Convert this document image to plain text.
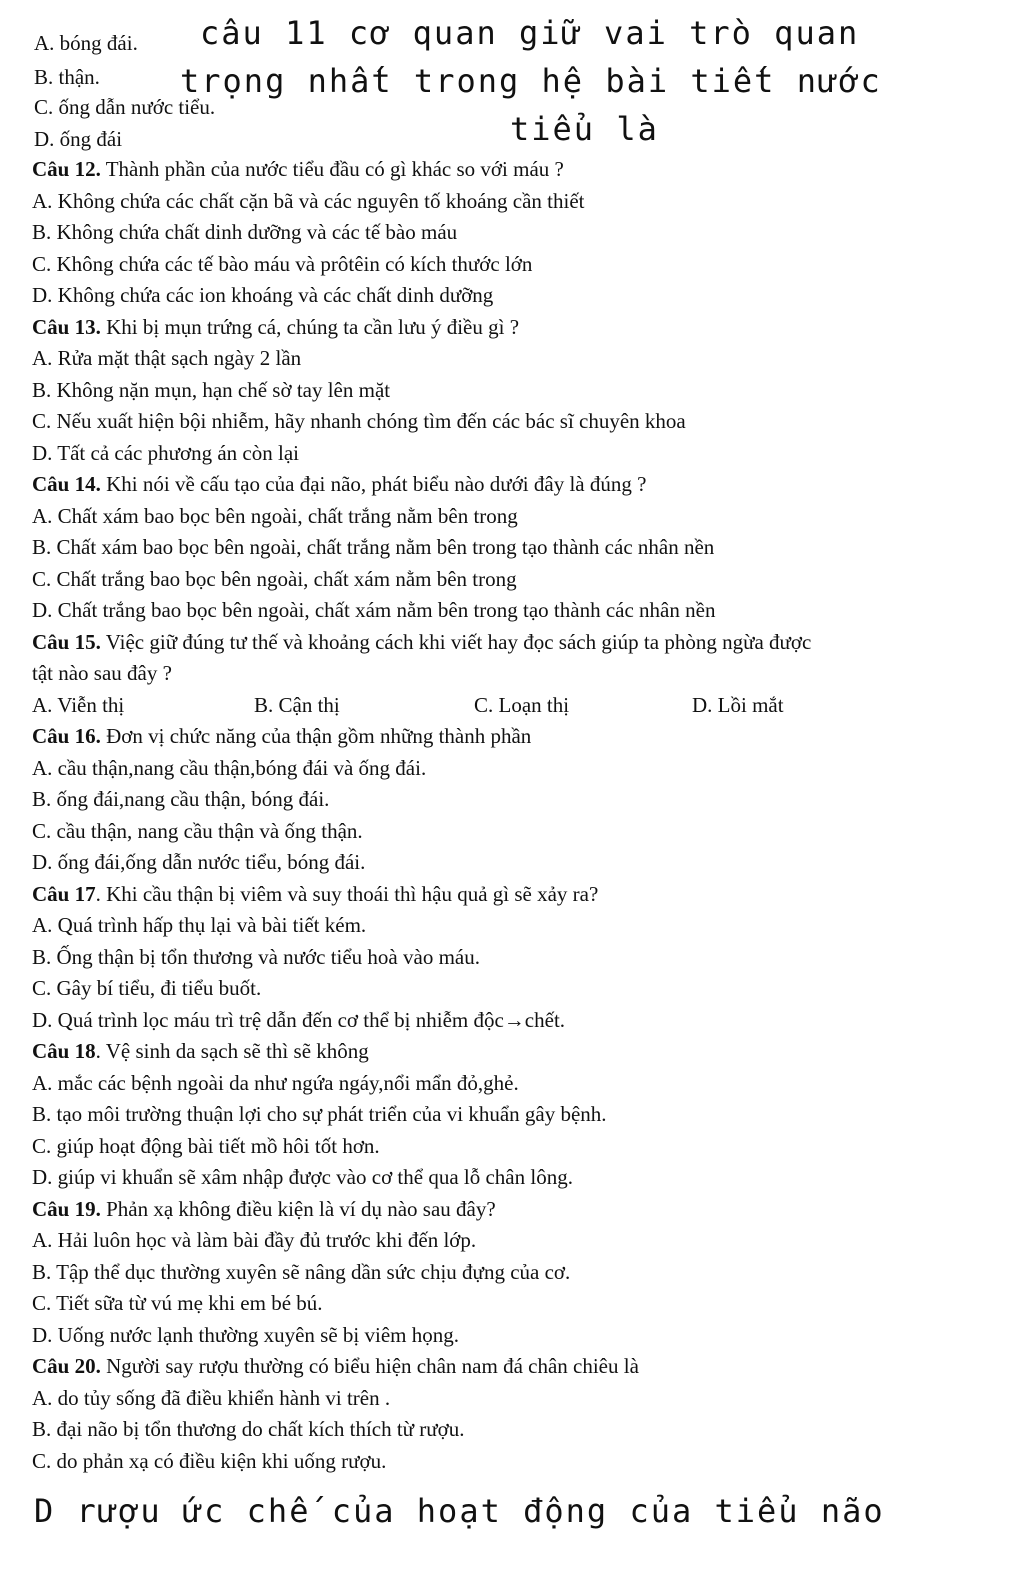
A. bóng đái.
B. thận.
C. ống dẫn nước tiểu.
D. ống đái
câu 11 cơ quan giữ vai trò quan
trọng nhất trong hệ bài tiết nước
tiểu là
Câu 12. Thành phần của nước tiểu đầu có gì khác so với máu ?
A. Không chứa các chất cặn bã và các nguyên tố khoáng cần thiết
B. Không chứa chất dinh dưỡng và các tế bào máu
C. Không chứa các tế bào máu và prôtêin có kích thước lớn
D. Không chứa các ion khoáng và các chất dinh dưỡng
Câu 13. Khi bị mụn trứng cá, chúng ta cần lưu ý điều gì ?
A. Rửa mặt thật sạch ngày 2 lần
B. Không nặn mụn, hạn chế sờ tay lên mặt
C. Nếu xuất hiện bội nhiễm, hãy nhanh chóng tìm đến các bác sĩ chuyên khoa
D. Tất cả các phương án còn lại
Câu 14. Khi nói về cấu tạo của đại não, phát biểu nào dưới đây là đúng ?
A. Chất xám bao bọc bên ngoài, chất trắng nằm bên trong
B. Chất xám bao bọc bên ngoài, chất trắng nằm bên trong tạo thành các nhân nền
C. Chất trắng bao bọc bên ngoài, chất xám nằm bên trong
D. Chất trắng bao bọc bên ngoài, chất xám nằm bên trong tạo thành các nhân nền
Câu 15. Việc giữ đúng tư thế và khoảng cách khi viết hay đọc sách giúp ta phòng ngừa được
tật nào sau đây ?
A. Viễn thị	B. Cận thị	C. Loạn thị	D. Lồi mắt
Câu 16. Đơn vị chức năng của thận gồm những thành phần
A. cầu thận,nang cầu thận,bóng đái và ống đái.
B. ống đái,nang cầu thận, bóng đái.
C. cầu thận, nang cầu thận và ống thận.
D. ống đái,ống dẫn nước tiểu, bóng đái.
Câu 17. Khi cầu thận bị viêm và suy thoái thì hậu quả gì sẽ xảy ra?
A. Quá trình hấp thụ lại và bài tiết kém.
B. Ống thận bị tổn thương và nước tiểu hoà vào máu.
C. Gây bí tiểu, đi tiểu buốt.
D. Quá trình lọc máu trì trệ dẫn đến cơ thể bị nhiễm độc→chết.
Câu 18. Vệ sinh da sạch sẽ thì sẽ không
A. mắc các bệnh ngoài da như ngứa ngáy,nổi mẩn đỏ,ghẻ.
B. tạo môi trường thuận lợi cho sự phát triển của vi khuẩn gây bệnh.
C. giúp hoạt động bài tiết mồ hôi tốt hơn.
D. giúp vi khuẩn sẽ xâm nhập được vào cơ thể qua lỗ chân lông.
Câu 19. Phản xạ không điều kiện là ví dụ nào sau đây?
A. Hải luôn học và làm bài đầy đủ trước khi đến lớp.
B. Tập thể dục thường xuyên sẽ nâng dần sức chịu đựng của cơ.
C. Tiết sữa từ vú mẹ khi em bé bú.
D. Uống nước lạnh thường xuyên sẽ bị viêm họng.
Câu 20. Người say rượu thường có biểu hiện chân nam đá chân chiêu là
A. do tủy sống đã điều khiển hành vi trên .
B. đại não bị tổn thương do chất kích thích từ rượu.
C. do phản xạ có điều kiện khi uống rượu.
D rượu ức chế của hoạt động của tiểu não
